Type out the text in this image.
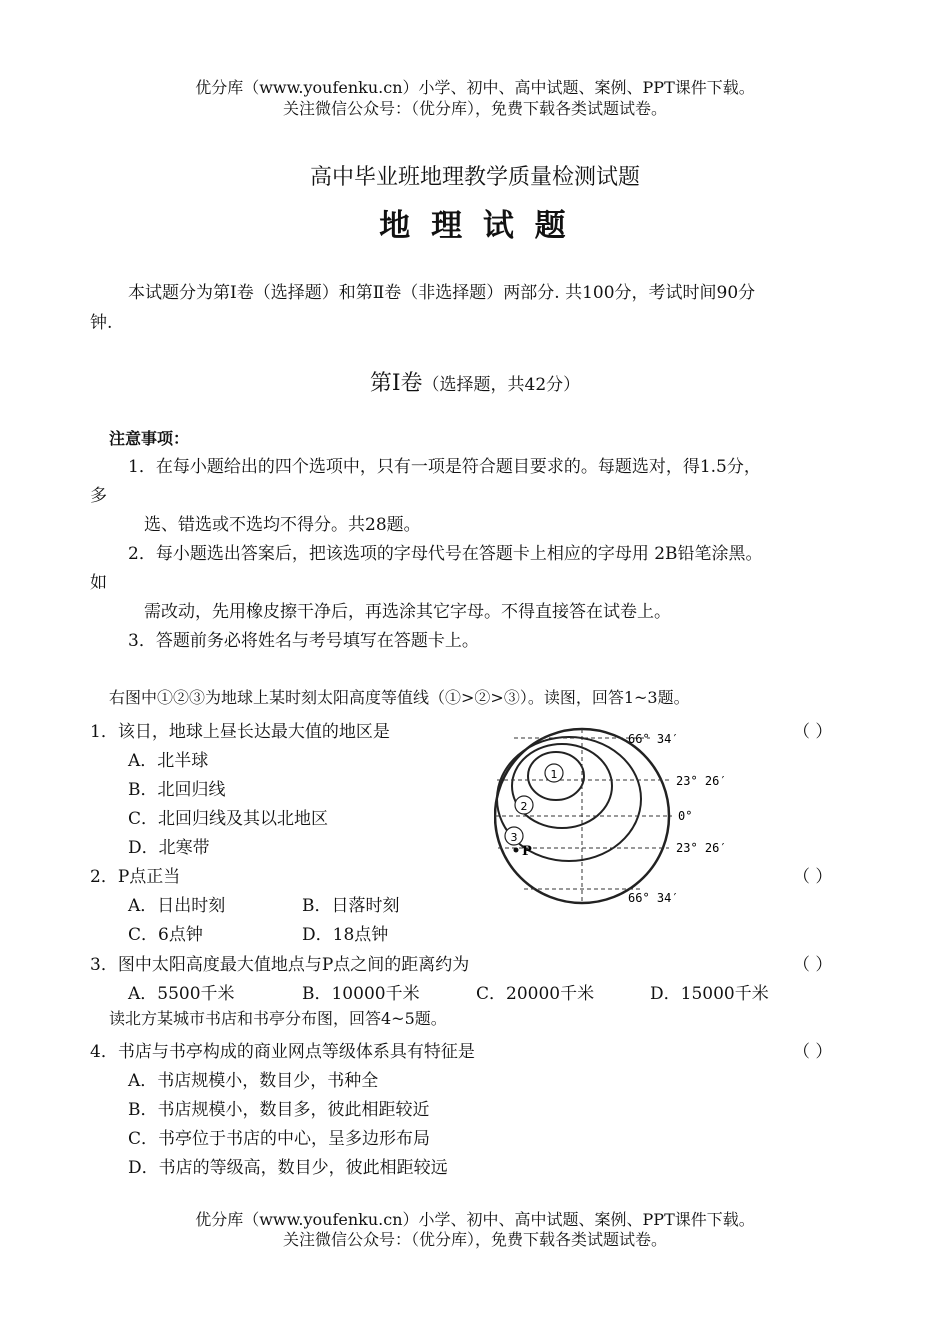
优分库（www.youfenku.cn）小学、初中、高中试题、案例、PPT课件下载。
关注微信公众号：（优分库），免费下载各类试题试卷。
高中毕业班地理教学质量检测试题
地 理 试 题
本试题分为第Ⅰ卷（选择题）和第Ⅱ卷（非选择题）两部分. 共100分，考试时间90分
钟.
第Ⅰ卷（选择题，共42分）
注意事项：
1．在每小题给出的四个选项中，只有一项是符合题目要求的。每题选对，得1.5分，
多
选、错选或不选均不得分。共28题。
2．每小题选出答案后，把该选项的字母代号在答题卡上相应的字母用 2B铅笔涂黑。
如
需改动，先用橡皮擦干净后，再选涂其它字母。不得直接答在试卷上。
3．答题前务必将姓名与考号填写在答题卡上。
右图中①②③为地球上某时刻太阳高度等值线（①>②>③）。读图，回答1~3题。
1．该日，地球上昼长达最大值的地区是	（ ）
A．北半球
B．北回归线
C．北回归线及其以北地区
D．北寒带
2．P点正当	（ ）
A．日出时刻	B．日落时刻
C．6点钟	D．18点钟
3．图中太阳高度最大值地点与P点之间的距离约为	（ ）
A．5500千米	B．10000千米	C．20000千米	D．15000千米
读北方某城市书店和书亭分布图，回答4~5题。
4．书店与书亭构成的商业网点等级体系具有特征是	（ ）
A．书店规模小，数目少，书种全
B．书店规模小，数目多，彼此相距较近
C．书亭位于书店的中心，呈多边形布局
D．书店的等级高，数目少，彼此相距较远
1
2
3
P
66° 34′
23° 26′
0°
23° 26′
66° 34′
优分库（www.youfenku.cn）小学、初中、高中试题、案例、PPT课件下载。
关注微信公众号：（优分库），免费下载各类试题试卷。
